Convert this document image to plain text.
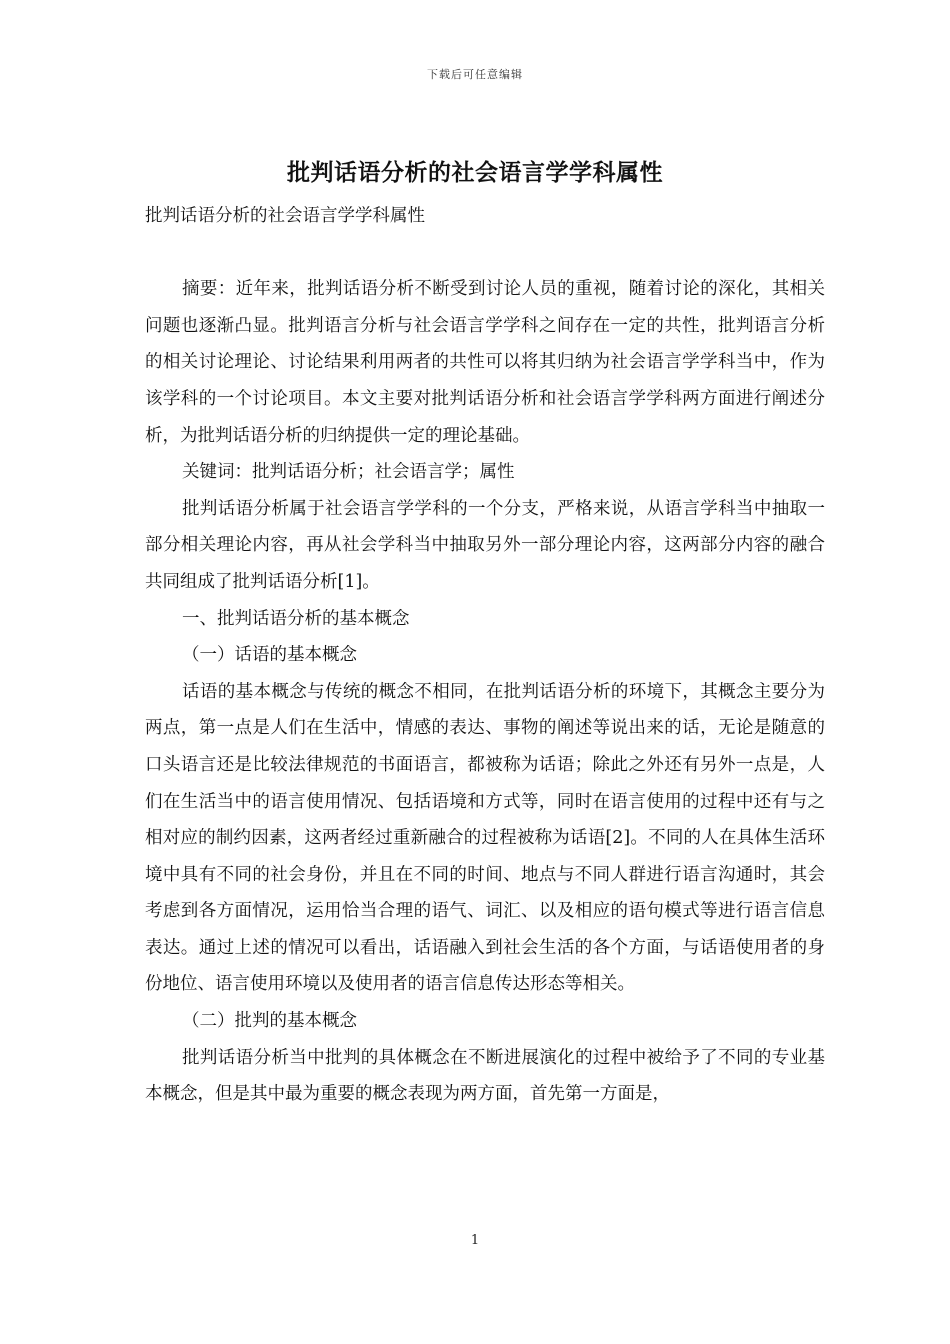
下载后可任意编辑
批判话语分析的社会语言学学科属性

批判话语分析的社会语言学学科属性

摘要：近年来，批判话语分析不断受到讨论人员的重视，随着讨论的深化，其相关问题也逐渐凸显。批判语言分析与社会语言学学科之间存在一定的共性，批判语言分析的相关讨论理论、讨论结果利用两者的共性可以将其归纳为社会语言学学科当中，作为该学科的一个讨论项目。本文主要对批判话语分析和社会语言学学科两方面进行阐述分析，为批判话语分析的归纳提供一定的理论基础。

关键词：批判话语分析；社会语言学；属性

批判话语分析属于社会语言学学科的一个分支，严格来说，从语言学科当中抽取一部分相关理论内容，再从社会学科当中抽取另外一部分理论内容，这两部分内容的融合共同组成了批判话语分析[1]。

一、批判话语分析的基本概念

（一）话语的基本概念

话语的基本概念与传统的概念不相同，在批判话语分析的环境下，其概念主要分为两点，第一点是人们在生活中，情感的表达、事物的阐述等说出来的话，无论是随意的口头语言还是比较法律规范的书面语言，都被称为话语；除此之外还有另外一点是，人们在生活当中的语言使用情况、包括语境和方式等，同时在语言使用的过程中还有与之相对应的制约因素，这两者经过重新融合的过程被称为话语[2]。不同的人在具体生活环境中具有不同的社会身份，并且在不同的时间、地点与不同人群进行语言沟通时，其会考虑到各方面情况，运用恰当合理的语气、词汇、以及相应的语句模式等进行语言信息表达。通过上述的情况可以看出，话语融入到社会生活的各个方面，与话语使用者的身份地位、语言使用环境以及使用者的语言信息传达形态等相关。

（二）批判的基本概念

批判话语分析当中批判的具体概念在不断进展演化的过程中被给予了不同的专业基本概念，但是其中最为重要的概念表现为两方面，首先第一方面是，

1
